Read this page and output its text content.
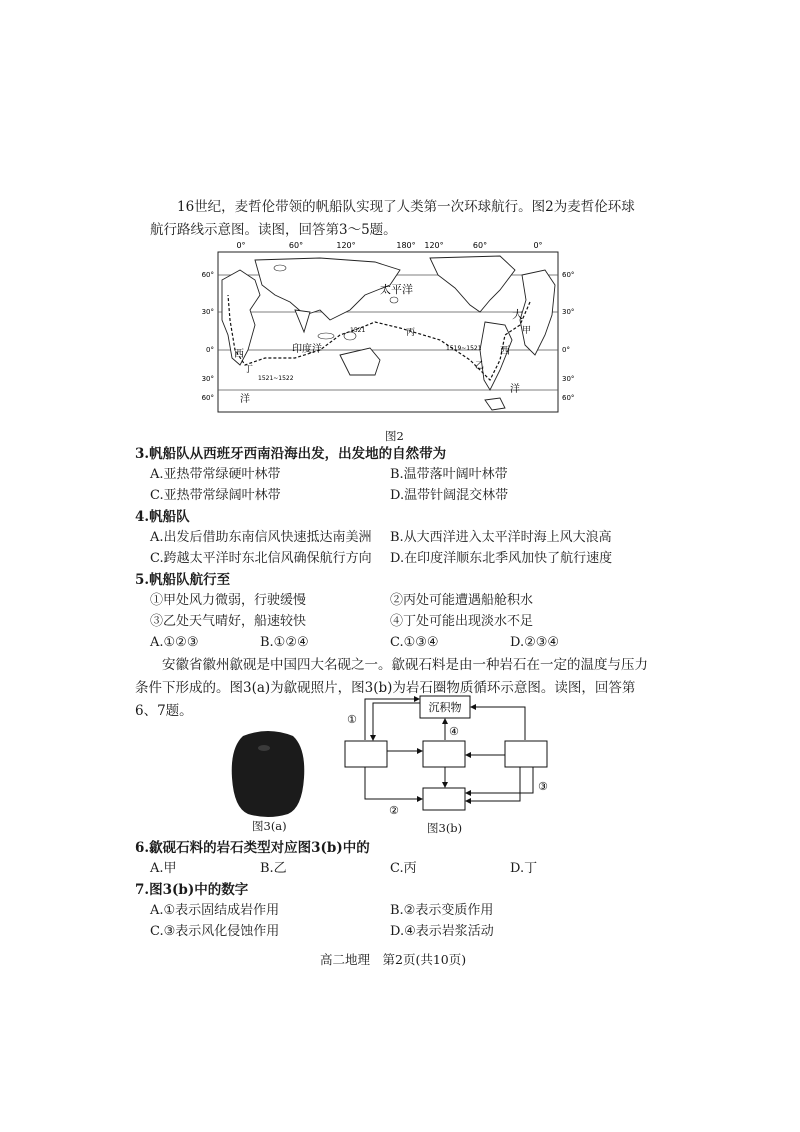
16世纪，麦哲伦带领的帆船队实现了人类第一次环球航行。图2为麦哲伦环球航行路线示意图。读图，回答第3～5题。
0°	60°	120°	180° 120°	60°	0°
60°
30°
0°
30°
60°
60°
30°
0°
30°
60°
太平洋
印度洋
大
西
洋
洋
西
甲
乙
丙
丁
1521
1521~1522
1519~1521
图2
3.帆船队从西班牙西南沿海出发，出发地的自然带为
A.亚热带常绿硬叶林带	B.温带落叶阔叶林带
C.亚热带常绿阔叶林带	D.温带针阔混交林带
4.帆船队
A.出发后借助东南信风快速抵达南美洲 B.从大西洋进入太平洋时海上风大浪高
C.跨越太平洋时东北信风确保航行方向 D.在印度洋顺东北季风加快了航行速度
5.帆船队航行至
①甲处风力微弱，行驶缓慢	②丙处可能遭遇船舱积水
③乙处天气晴好，船速较快	④丁处可能出现淡水不足
A.①②③	B.①②④	C.①③④	D.②③④
安徽省徽州歙砚是中国四大名砚之一。歙砚石料是由一种岩石在一定的温度与压力条件下形成的。图3(a)为歙砚照片，图3(b)为岩石圈物质循环示意图。读图，回答第6、7题。
图3(a)
沉积物
①
④
②
③
图3(b)
6.歙砚石料的岩石类型对应图3(b)中的
A.甲	B.乙	C.丙	D.丁
7.图3(b)中的数字
A.①表示固结成岩作用	B.②表示变质作用
C.③表示风化侵蚀作用	D.④表示岩浆活动
高二地理　第2页(共10页)
